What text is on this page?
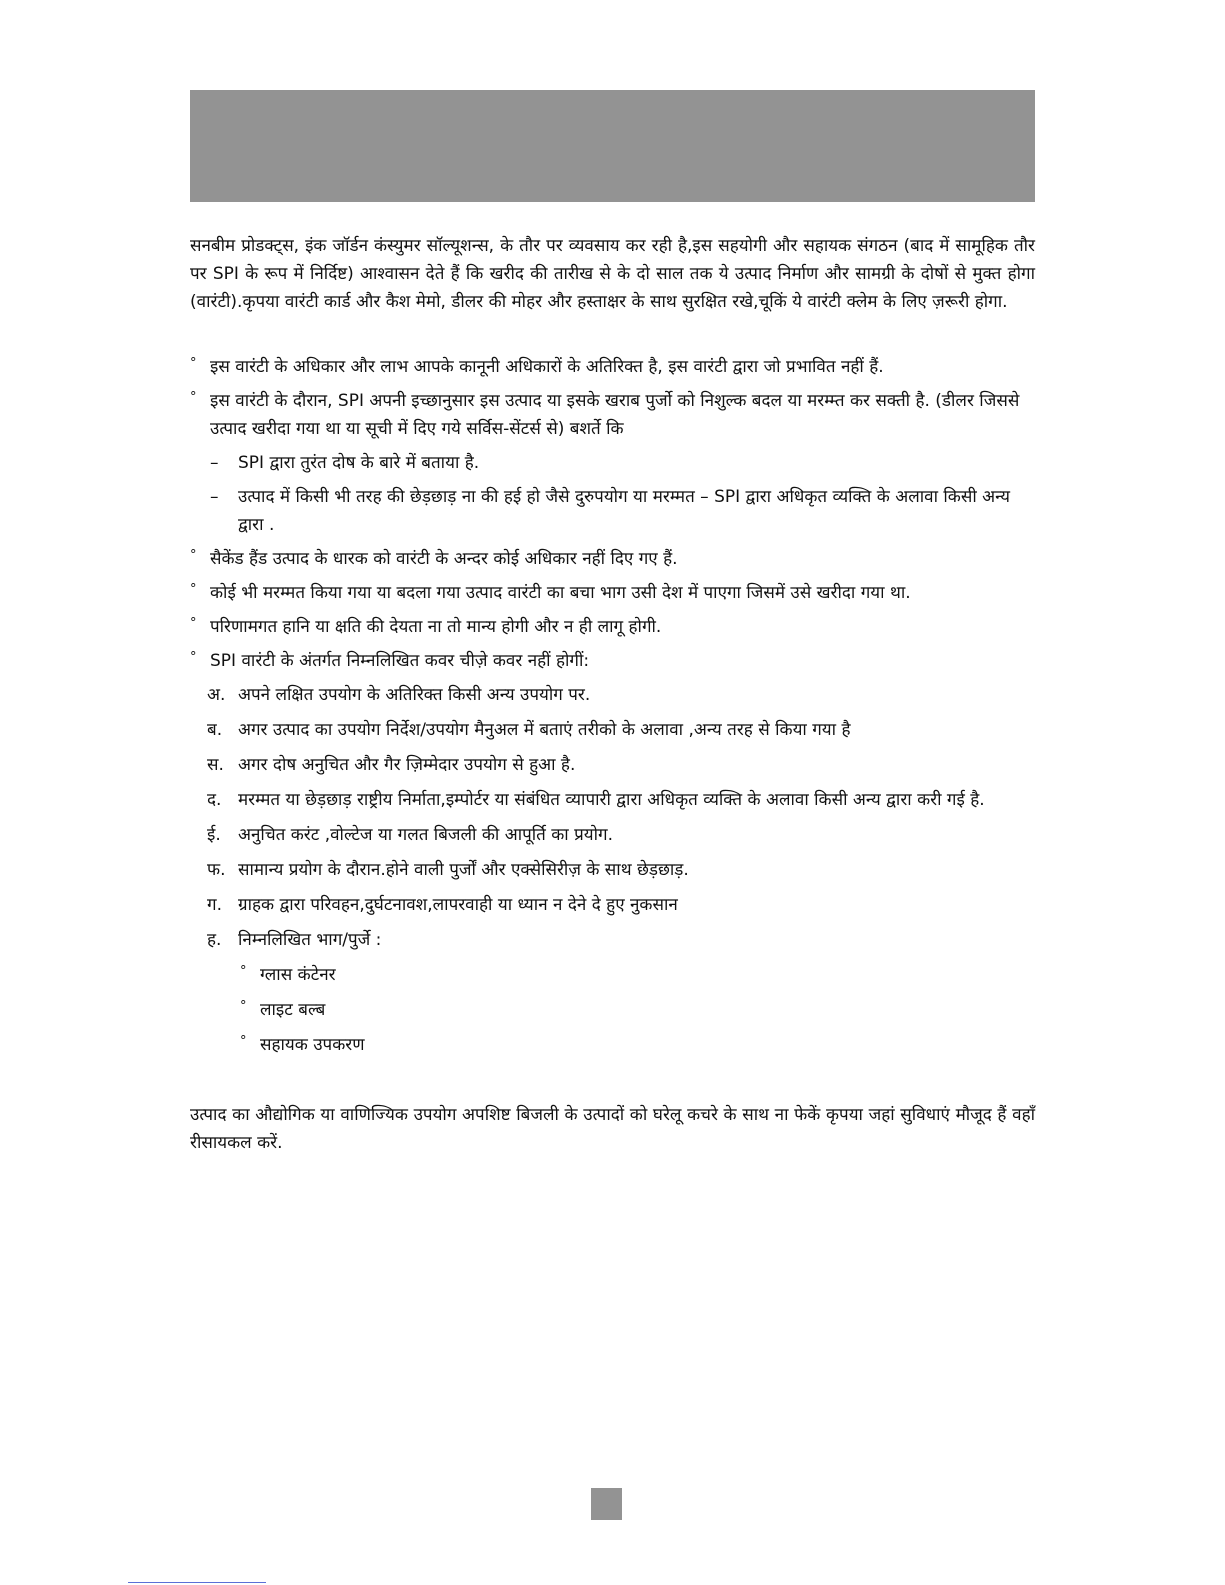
सनबीम प्रोडक्ट्स, इंक जॉर्डन कंस्युमर सॉल्यूशन्स, के तौर पर व्यवसाय कर रही है,इस सहयोगी और सहायक संगठन (बाद में सामूहिक तौर पर SPI के रूप में निर्दिष्ट) आश्वासन देते हैं कि खरीद की तारीख से के दो साल तक ये उत्पाद निर्माण और सामग्री के दोषों से मुक्त होगा (वारंटी).कृपया वारंटी कार्ड और कैश मेमो, डीलर की मोहर और हस्ताक्षर के साथ सुरक्षित रखे,चूकिं ये वारंटी क्लेम के लिए ज़रूरी होगा.

° इस वारंटी के अधिकार और लाभ आपके कानूनी अधिकारों के अतिरिक्त है, इस वारंटी द्वारा जो प्रभावित नहीं हैं.
° इस वारंटी के दौरान, SPI अपनी इच्छानुसार इस उत्पाद या इसके खराब पुर्जो को निशुल्क बदल या मरम्म्त कर सक्ती है. (डीलर जिससे उत्पाद खरीदा गया था या सूची में दिए गये सर्विस-सेंटर्स से) बशर्ते कि
– SPI द्वारा तुरंत दोष के बारे में बताया है.
– उत्पाद में किसी भी तरह की छेड़छाड़ ना की हई हो जैसे दुरुपयोग या मरम्मत – SPI द्वारा अधिकृत व्यक्ति के अलावा किसी अन्य द्वारा .
° सैकेंड हैंड उत्पाद के धारक को वारंटी के अन्दर कोई अधिकार नहीं दिए गए हैं.
° कोई भी मरम्मत किया गया या बदला गया उत्पाद वारंटी का बचा भाग उसी देश में पाएगा जिसमें उसे खरीदा गया था.
° परिणामगत हानि या क्षति की देयता ना तो मान्य होगी और न ही लागू होगी.
° SPI वारंटी के अंतर्गत निम्नलिखित कवर चीज़े कवर नहीं होगीं:
अ. अपने लक्षित उपयोग के अतिरिक्त किसी अन्य उपयोग पर.
ब. अगर उत्पाद का उपयोग निर्देश/उपयोग मैनुअल में बताएं तरीको के अलावा ,अन्य तरह से किया गया है
स. अगर दोष अनुचित और गैर ज़िम्मेदार उपयोग से हुआ है.
द. मरम्मत या छेड़छाड़ राष्ट्रीय निर्माता,इम्पोर्टर या संबंधित व्यापारी द्वारा अधिकृत व्यक्ति के अलावा किसी अन्य द्वारा करी गई है.
ई. अनुचित करंट ,वोल्टेज या गलत बिजली की आपूर्ति का प्रयोग.
फ. सामान्य प्रयोग के दौरान.होने वाली पुर्जों और एक्सेसिरीज़ के साथ छेड़छाड़.
ग. ग्राहक द्वारा परिवहन,दुर्घटनावश,लापरवाही या ध्यान न देने दे हुए नुकसान
ह. निम्नलिखित भाग/पुर्जे :
° ग्लास कंटेनर
° लाइट बल्ब
° सहायक उपकरण

उत्पाद का औद्योगिक या वाणिज्यिक उपयोग अपशिष्ट बिजली के उत्पादों को घरेलू कचरे के साथ ना फेकें कृपया जहां सुविधाएं मौजूद हैं वहाँ रीसायकल करें.
